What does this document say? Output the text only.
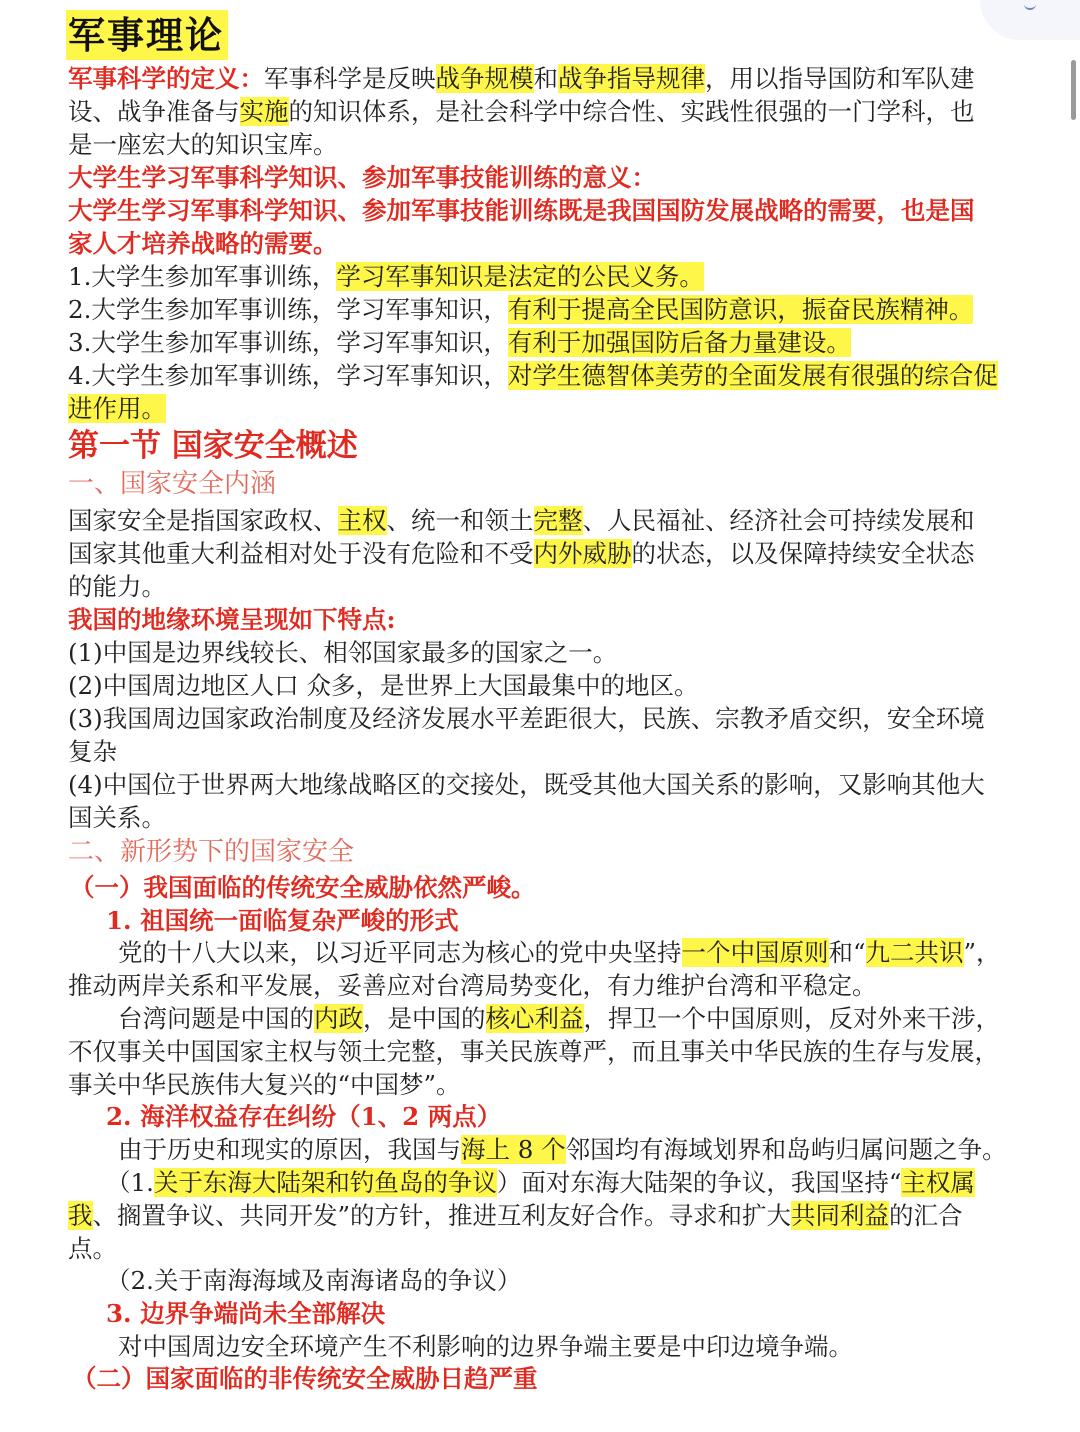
军事理论
军事科学的定义：军事科学是反映战争规模和战争指导规律，用以指导国防和军队建
设、战争准备与实施的知识体系，是社会科学中综合性、实践性很强的一门学科，也
是一座宏大的知识宝库。
大学生学习军事科学知识、参加军事技能训练的意义：
大学生学习军事科学知识、参加军事技能训练既是我国国防发展战略的需要，也是国
家人才培养战略的需要。
1.大学生参加军事训练，学习军事知识是法定的公民义务。
2.大学生参加军事训练，学习军事知识，有利于提高全民国防意识，振奋民族精神。
3.大学生参加军事训练，学习军事知识，有利于加强国防后备力量建设。
4.大学生参加军事训练，学习军事知识，对学生德智体美劳的全面发展有很强的综合促
进作用。
第一节 国家安全概述
一、国家安全内涵
国家安全是指国家政权、主权、统一和领土完整、人民福祉、经济社会可持续发展和
国家其他重大利益相对处于没有危险和不受内外威胁的状态，以及保障持续安全状态
的能力。
我国的地缘环境呈现如下特点:
(1)中国是边界线较长、相邻国家最多的国家之一。
(2)中国周边地区人口 众多，是世界上大国最集中的地区。
(3)我国周边国家政治制度及经济发展水平差距很大，民族、宗教矛盾交织，安全环境
复杂
(4)中国位于世界两大地缘战略区的交接处，既受其他大国关系的影响，又影响其他大
国关系。
二、新形势下的国家安全
（一）我国面临的传统安全威胁依然严峻。
1. 祖国统一面临复杂严峻的形式
党的十八大以来，以习近平同志为核心的党中央坚持一个中国原则和“九二共识”，
推动两岸关系和平发展，妥善应对台湾局势变化，有力维护台湾和平稳定。
台湾问题是中国的内政，是中国的核心利益，捍卫一个中国原则，反对外来干涉，
不仅事关中国国家主权与领土完整，事关民族尊严，而且事关中华民族的生存与发展，
事关中华民族伟大复兴的“中国梦”。
2. 海洋权益存在纠纷（1、2 两点）
由于历史和现实的原因，我国与海上 8 个邻国均有海域划界和岛屿归属问题之争。
（1.关于东海大陆架和钓鱼岛的争议）面对东海大陆架的争议，我国坚持“主权属
我、搁置争议、共同开发”的方针，推进互利友好合作。寻求和扩大共同利益的汇合
点。
（2.关于南海海域及南海诸岛的争议）
3. 边界争端尚未全部解决
对中国周边安全环境产生不利影响的边界争端主要是中印边境争端。
（二）国家面临的非传统安全威胁日趋严重
